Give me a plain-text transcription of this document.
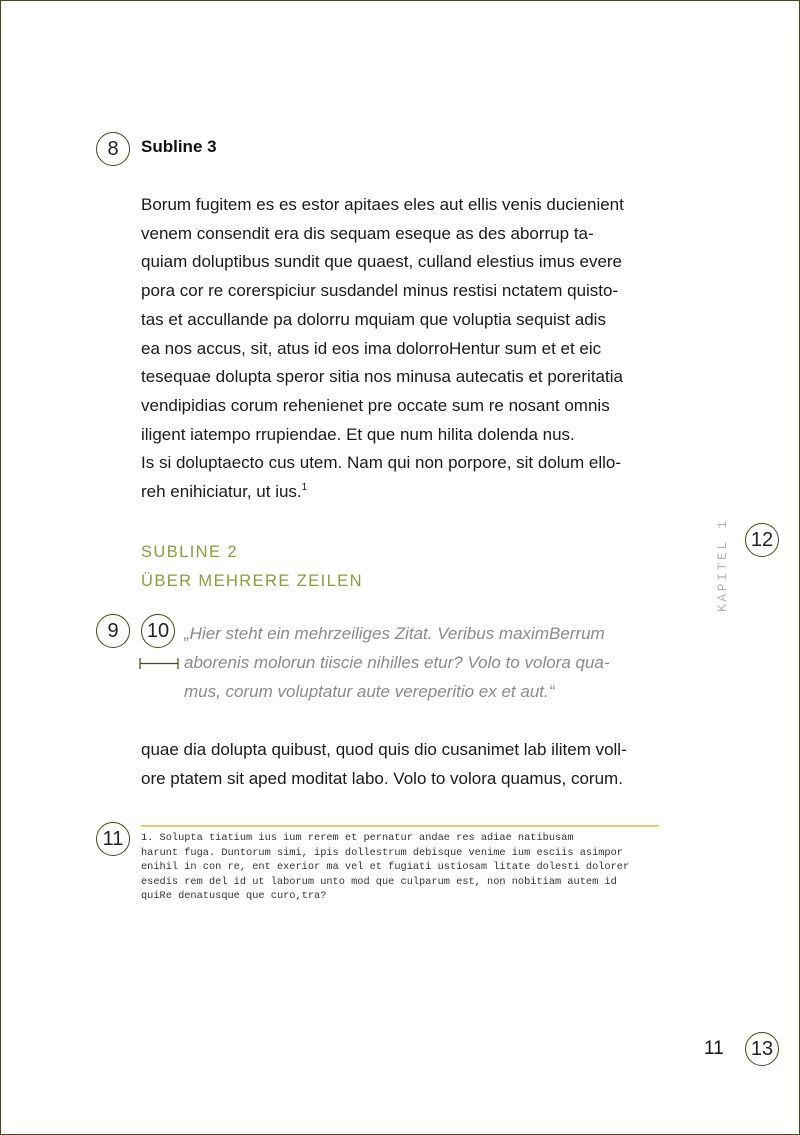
8	Subline 3
Borum fugitem es es estor apitaes eles aut ellis venis ducienient
venem consendit era dis sequam eseque as des aborrup ta-
quiam doluptibus sundit que quaest, culland elestius imus evere
pora cor re corerspiciur susdandel minus restisi nctatem quisto-
tas et accullande pa dolorru mquiam que voluptia sequist adis
ea nos accus, sit, atus id eos ima dolorroHentur sum et et eic
tesequae dolupta speror sitia nos minusa autecatis et poreritatia
vendipidias corum rehenienet pre occate sum re nosant omnis
iligent iatempo rrupiendae. Et que num hilita dolenda nus.
Is si doluptaecto cus utem. Nam qui non porpore, sit dolum ello-
reh enihiciatur, ut ius.$^1$
SUBLINE 2
ÜBER MEHRERE ZEILEN
9	10 „Hier steht ein mehrzeiliges Zitat. Veribus maximBerrum
aborenis molorun tiiscie nihilles etur? Volo to volora qua-
mus, corum voluptatur aute vereperitio ex et aut.“
quae dia dolupta quibust, quod quis dio cusanimet lab ilitem voll-
ore ptatem sit aped moditat labo. Volo to volora quamus, corum.
11	1. Solupta tiatium ius ium rerem et pernatur andae res adiae natibusam
harunt fuga. Duntorum simi, ipis dollestrum debisque venime ium esciis asimpor
enihil in con re, ent exerior ma vel et fugiati ustiosam litate dolesti dolorer
esedis rem del id ut laborum unto mod que culparum est, non nobitiam autem id
quiRe denatusque que curo,tra?
KAPITEL 1 12
11 13
